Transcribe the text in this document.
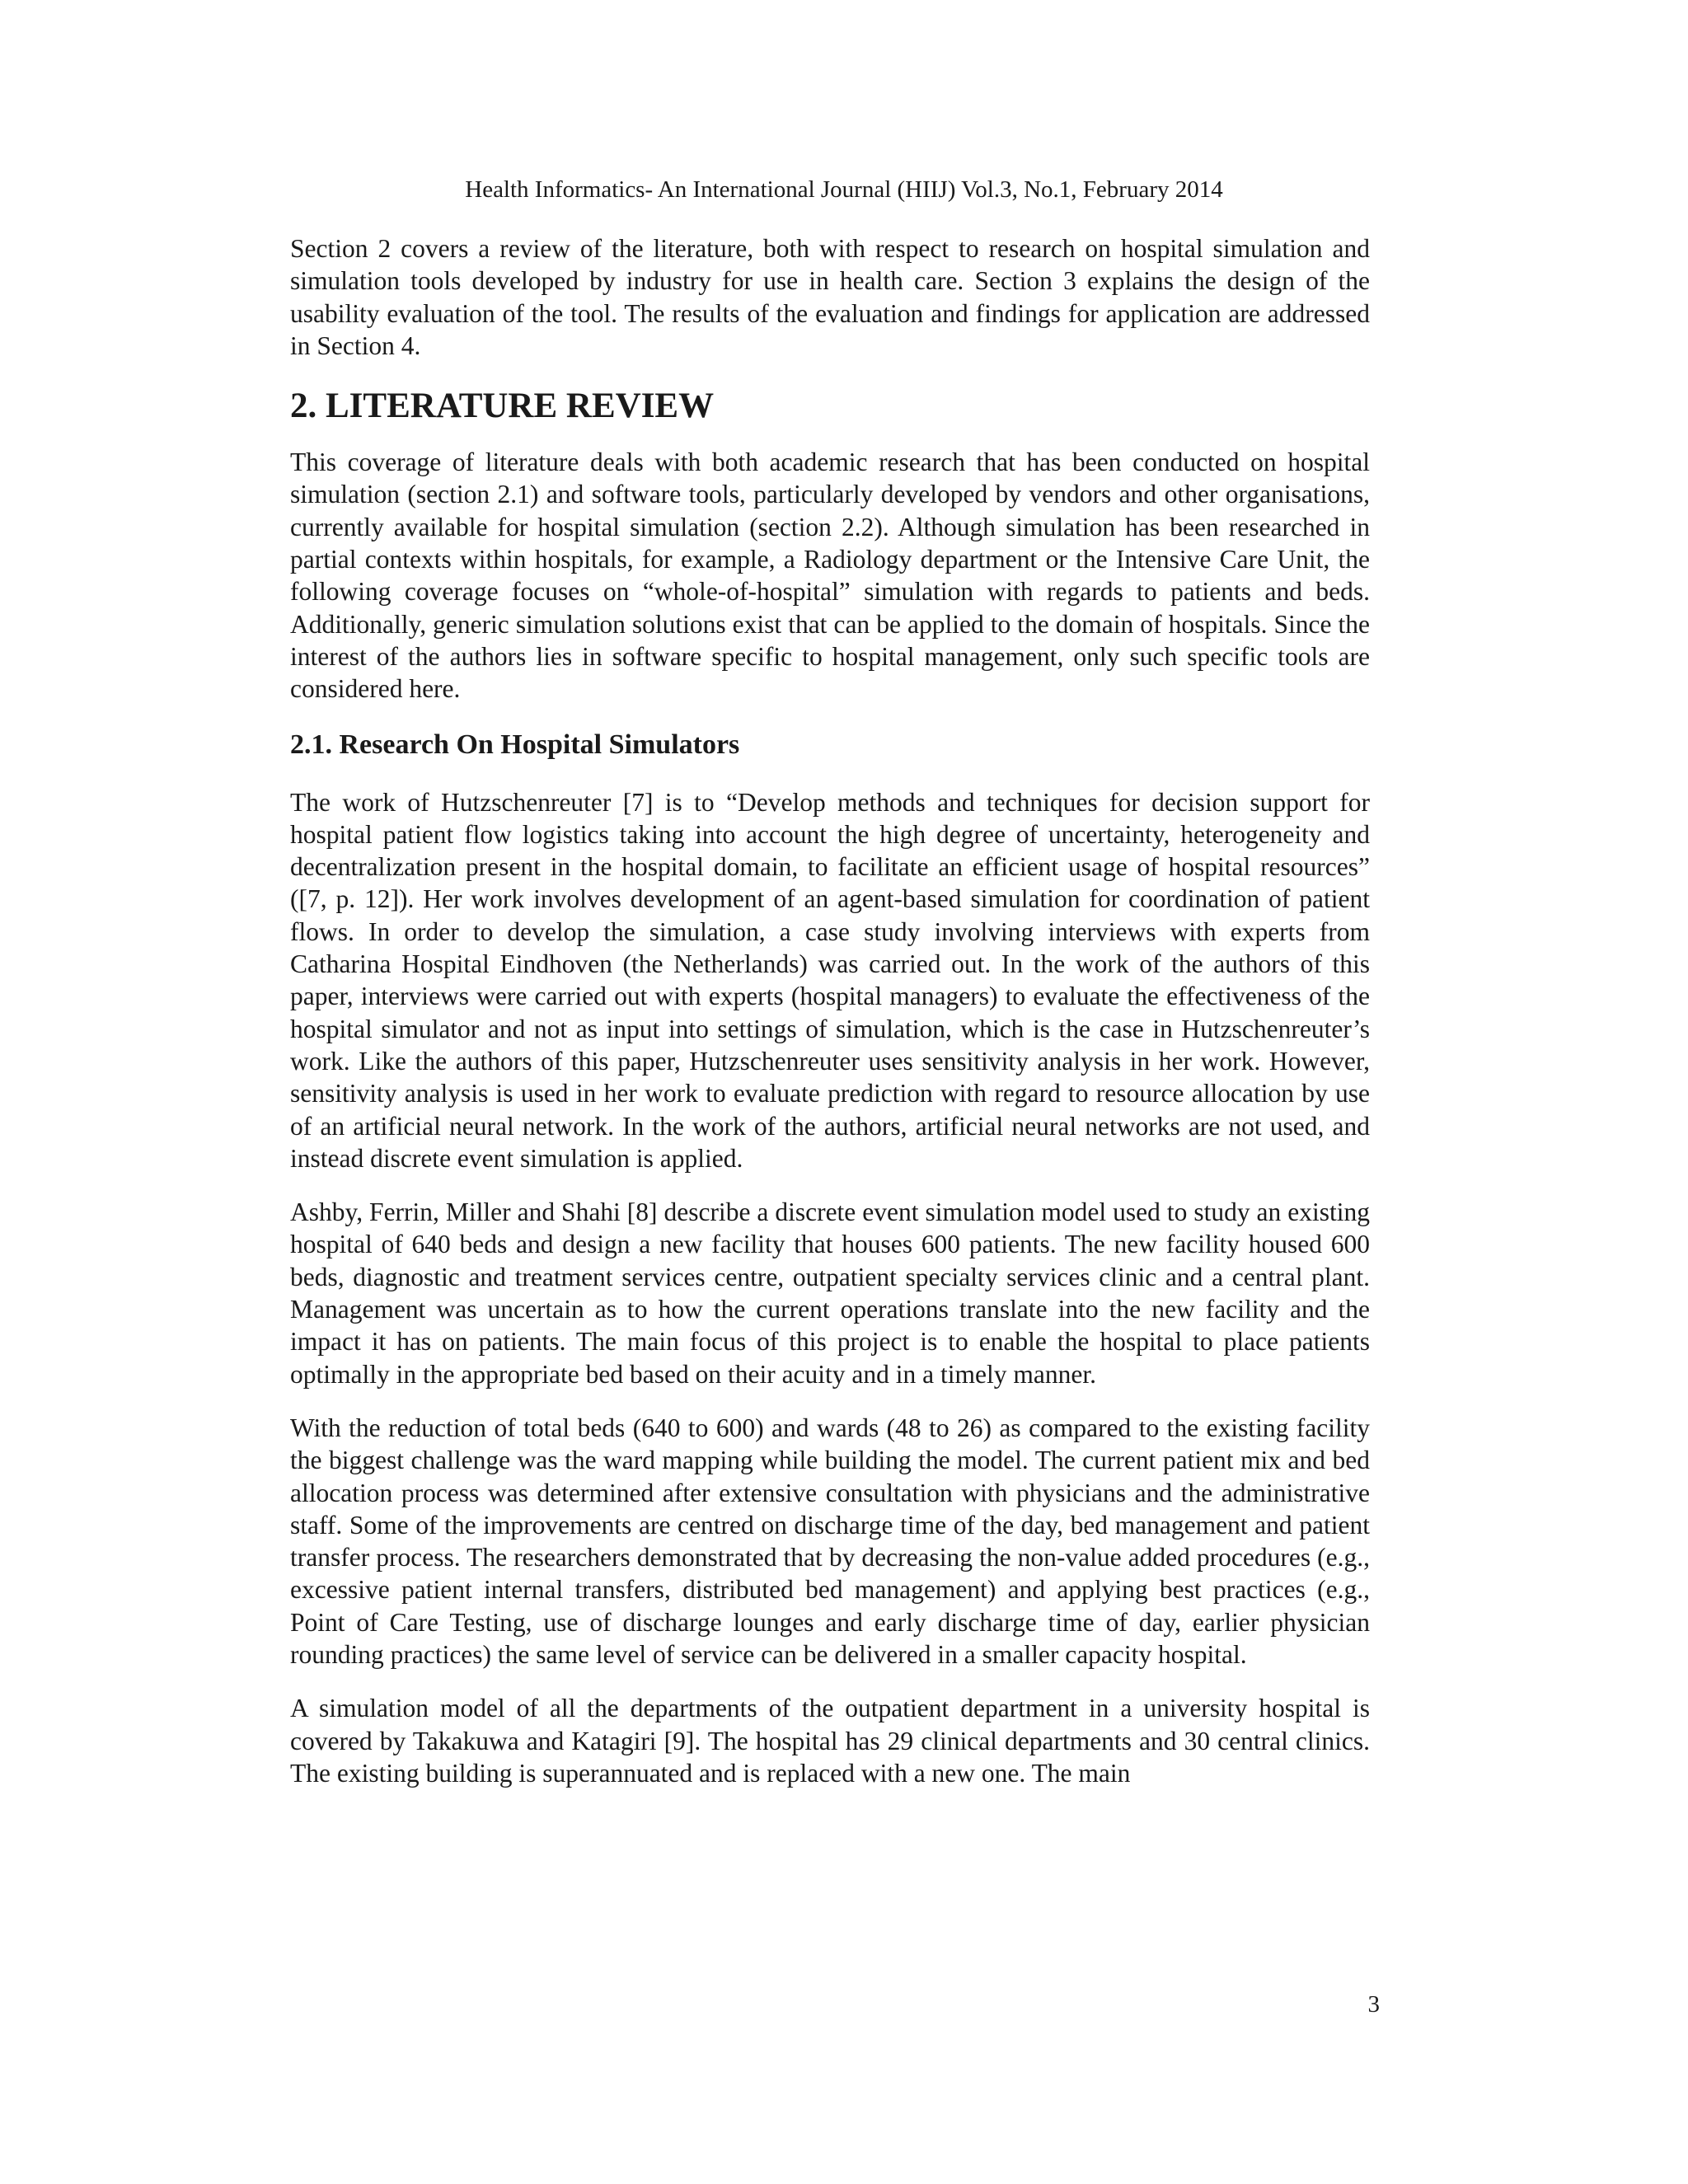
Health Informatics- An International Journal (HIIJ) Vol.3, No.1, February 2014

Section 2 covers a review of the literature, both with respect to research on hospital simulation and simulation tools developed by industry for use in health care. Section 3 explains the design of the usability evaluation of the tool. The results of the evaluation and findings for application are addressed in Section 4.

2. LITERATURE REVIEW

This coverage of literature deals with both academic research that has been conducted on hospital simulation (section 2.1) and software tools, particularly developed by vendors and other organisations, currently available for hospital simulation (section 2.2). Although simulation has been researched in partial contexts within hospitals, for example, a Radiology department or the Intensive Care Unit, the following coverage focuses on “whole-of-hospital” simulation with regards to patients and beds. Additionally, generic simulation solutions exist that can be applied to the domain of hospitals. Since the interest of the authors lies in software specific to hospital management, only such specific tools are considered here.

2.1. Research On Hospital Simulators

The work of Hutzschenreuter [7] is to “Develop methods and techniques for decision support for hospital patient flow logistics taking into account the high degree of uncertainty, heterogeneity and decentralization present in the hospital domain, to facilitate an efficient usage of hospital resources” ([7, p. 12]). Her work involves development of an agent-based simulation for coordination of patient flows. In order to develop the simulation, a case study involving interviews with experts from Catharina Hospital Eindhoven (the Netherlands) was carried out. In the work of the authors of this paper, interviews were carried out with experts (hospital managers) to evaluate the effectiveness of the hospital simulator and not as input into settings of simulation, which is the case in Hutzschenreuter’s work. Like the authors of this paper, Hutzschenreuter uses sensitivity analysis in her work. However, sensitivity analysis is used in her work to evaluate prediction with regard to resource allocation by use of an artificial neural network. In the work of the authors, artificial neural networks are not used, and instead discrete event simulation is applied.

Ashby, Ferrin, Miller and Shahi [8] describe a discrete event simulation model used to study an existing hospital of 640 beds and design a new facility that houses 600 patients. The new facility housed 600 beds, diagnostic and treatment services centre, outpatient specialty services clinic and a central plant. Management was uncertain as to how the current operations translate into the new facility and the impact it has on patients. The main focus of this project is to enable the hospital to place patients optimally in the appropriate bed based on their acuity and in a timely manner.

With the reduction of total beds (640 to 600) and wards (48 to 26) as compared to the existing facility the biggest challenge was the ward mapping while building the model. The current patient mix and bed allocation process was determined after extensive consultation with physicians and the administrative staff. Some of the improvements are centred on discharge time of the day, bed management and patient transfer process. The researchers demonstrated that by decreasing the non-value added procedures (e.g., excessive patient internal transfers, distributed bed management) and applying best practices (e.g., Point of Care Testing, use of discharge lounges and early discharge time of day, earlier physician rounding practices) the same level of service can be delivered in a smaller capacity hospital.

A simulation model of all the departments of the outpatient department in a university hospital is covered by Takakuwa and Katagiri [9]. The hospital has 29 clinical departments and 30 central clinics. The existing building is superannuated and is replaced with a new one. The main

3
